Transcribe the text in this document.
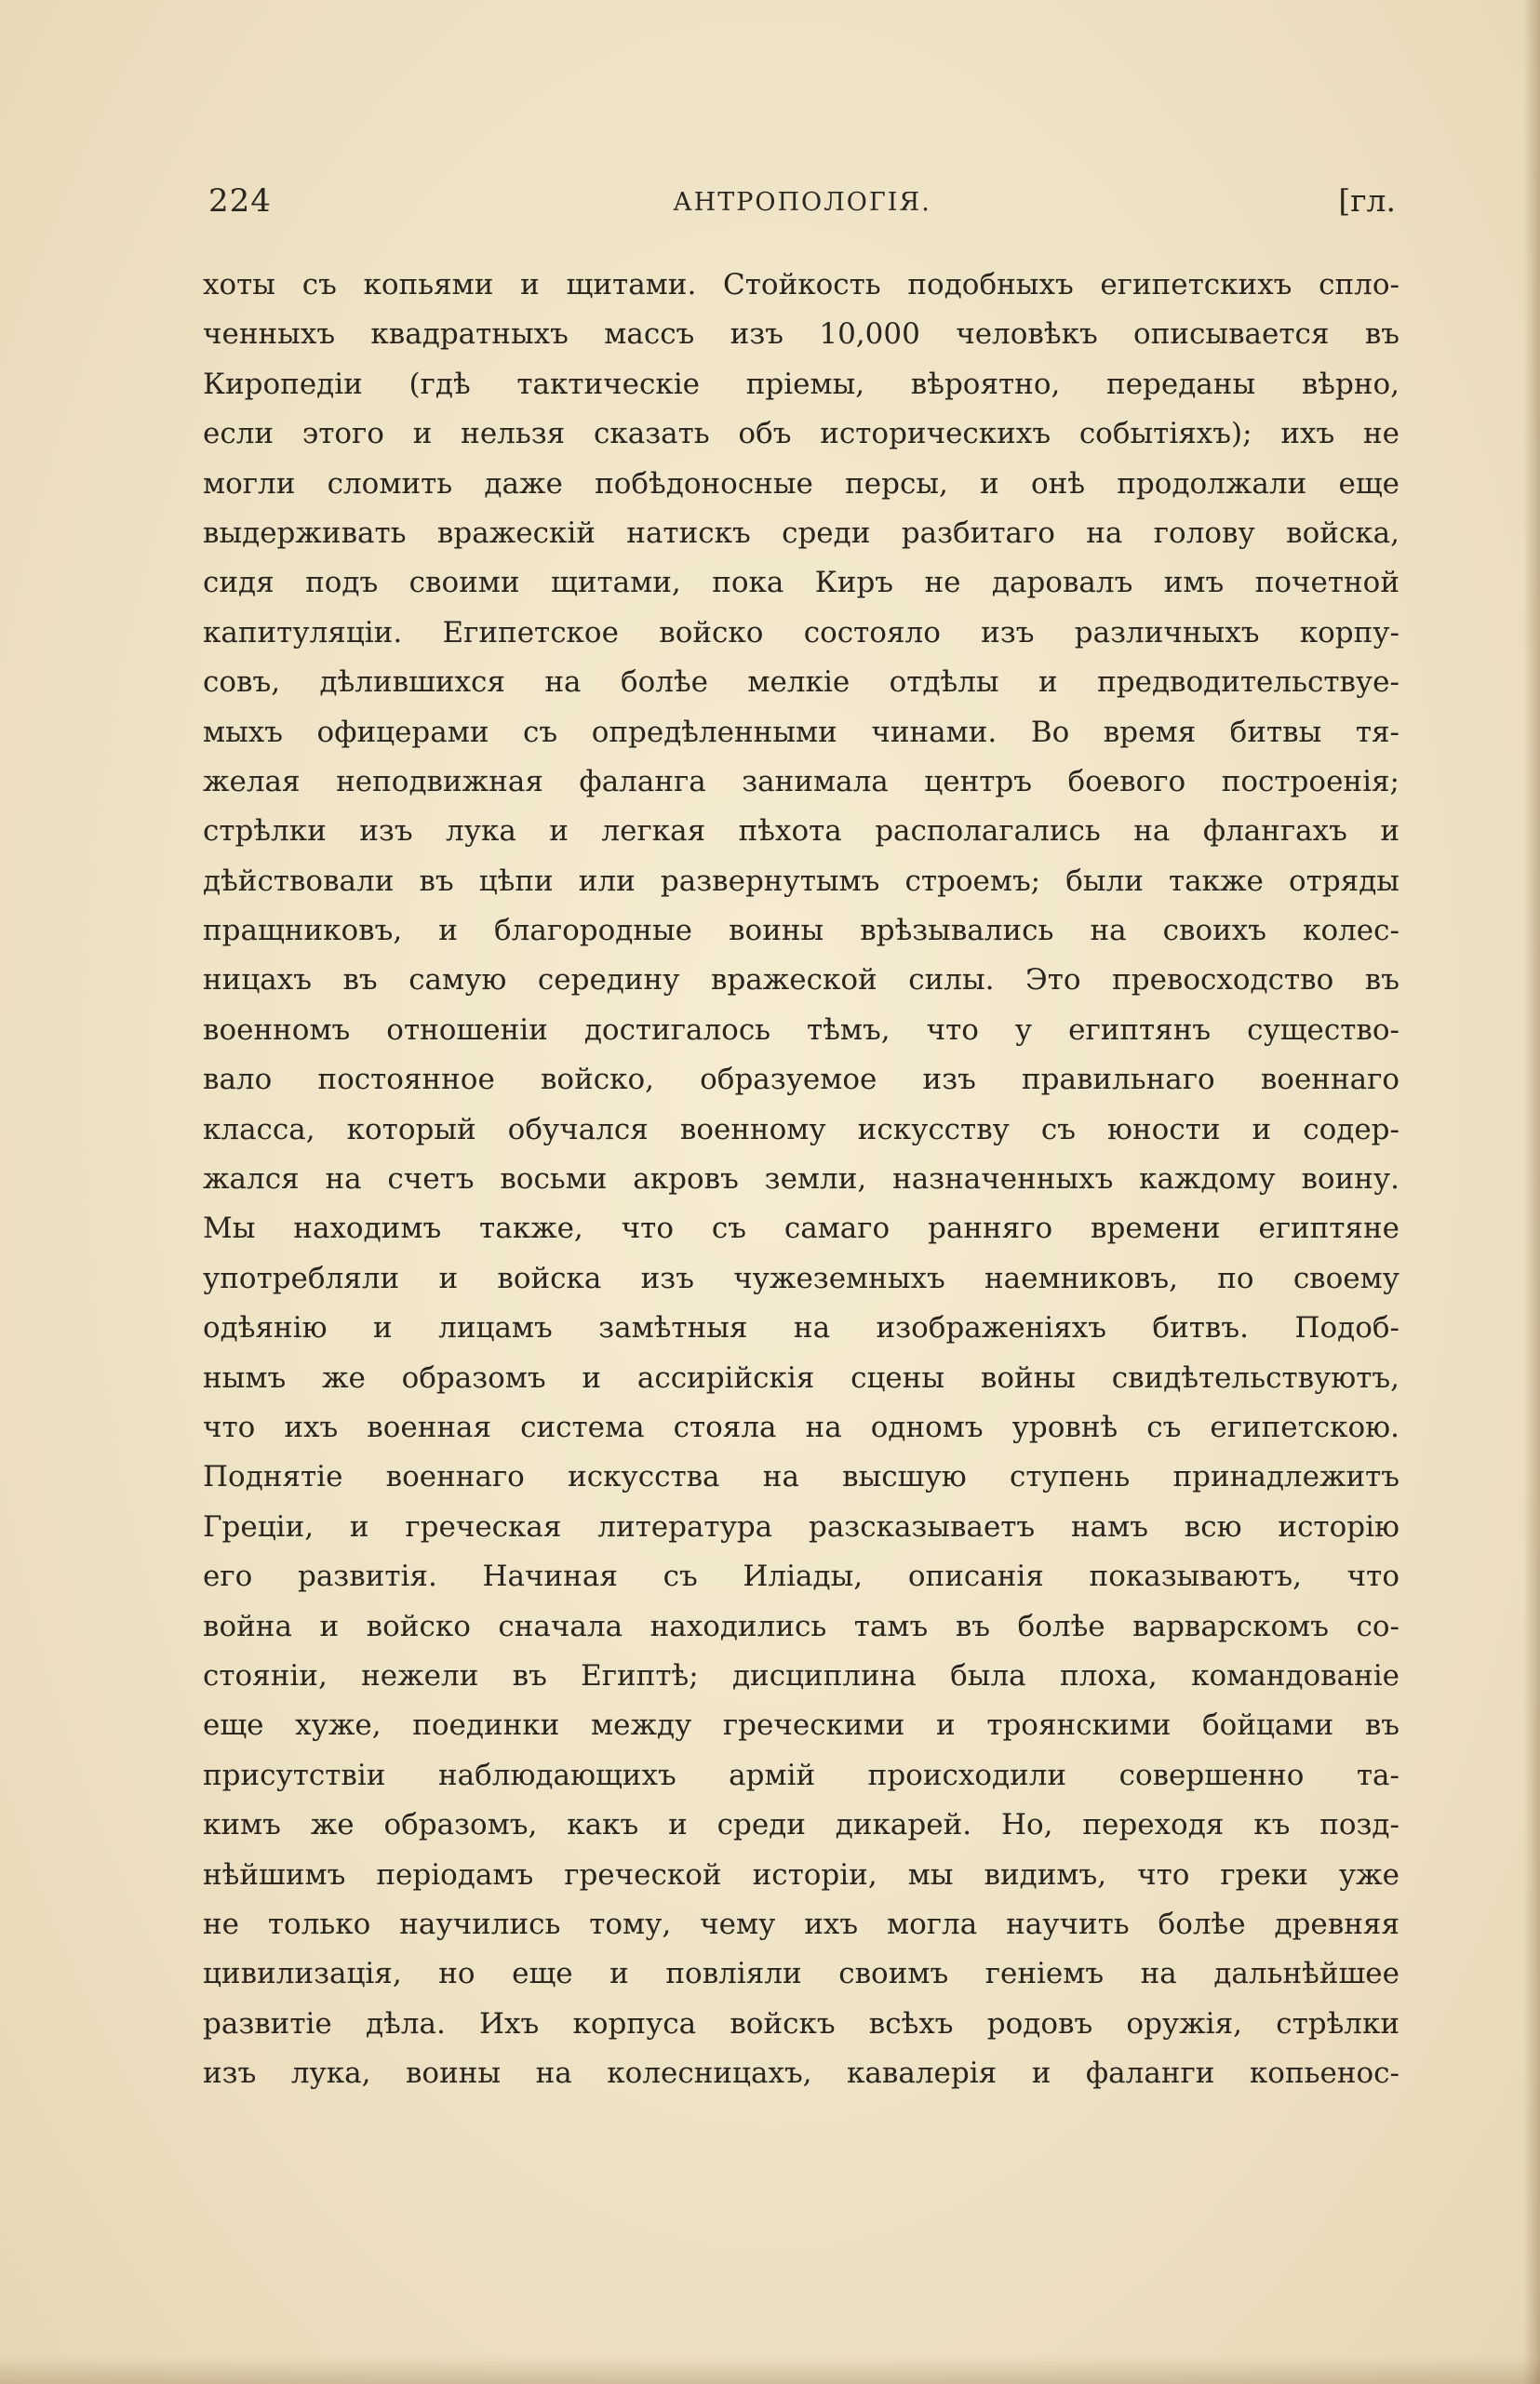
224	АНТРОПОЛОГІЯ.	[гл.
хоты съ копьями и щитами. Стойкость подобныхъ египетскихъ спло-
ченныхъ квадратныхъ массъ изъ 10,000 человѣкъ описывается въ
Киропедіи (гдѣ тактическіе пріемы, вѣроятно, переданы вѣрно,
если этого и нельзя сказать объ историческихъ событіяхъ); ихъ не
могли сломить даже побѣдоносные персы, и онѣ продолжали еще
выдерживать вражескій натискъ среди разбитаго на голову войска,
сидя подъ своими щитами, пока Киръ не даровалъ имъ почетной
капитуляціи. Египетское войско состояло изъ различныхъ корпу-
совъ, дѣлившихся на болѣе мелкіе отдѣлы и предводительствуе-
мыхъ офицерами съ опредѣленными чинами. Во время битвы тя-
желая неподвижная фаланга занимала центръ боевого построенія;
стрѣлки изъ лука и легкая пѣхота располагались на флангахъ и
дѣйствовали въ цѣпи или развернутымъ строемъ; были также отряды
пращниковъ, и благородные воины врѣзывались на своихъ колес-
ницахъ въ самую середину вражеской силы. Это превосходство въ
военномъ отношеніи достигалось тѣмъ, что у египтянъ существо-
вало постоянное войско, образуемое изъ правильнаго военнаго
класса, который обучался военному искусству съ юности и содер-
жался на счетъ восьми акровъ земли, назначенныхъ каждому воину.
Мы находимъ также, что съ самаго ранняго времени египтяне
употребляли и войска изъ чужеземныхъ наемниковъ, по своему
одѣянію и лицамъ замѣтныя на изображеніяхъ битвъ. Подоб-
нымъ же образомъ и ассирійскія сцены войны свидѣтельствуютъ,
что ихъ военная система стояла на одномъ уровнѣ съ египетскою.
Поднятіе военнаго искусства на высшую ступень принадлежитъ
Греціи, и греческая литература разсказываетъ намъ всю исторію
его развитія. Начиная съ Иліады, описанія показываютъ, что
война и войско сначала находились тамъ въ болѣе варварскомъ со-
стояніи, нежели въ Египтѣ; дисциплина была плоха, командованіе
еще хуже, поединки между греческими и троянскими бойцами въ
присутствіи наблюдающихъ армій происходили совершенно та-
кимъ же образомъ, какъ и среди дикарей. Но, переходя къ позд-
нѣйшимъ періодамъ греческой исторіи, мы видимъ, что греки уже
не только научились тому, чему ихъ могла научить болѣе древняя
цивилизація, но еще и повліяли своимъ геніемъ на дальнѣйшее
развитіе дѣла. Ихъ корпуса войскъ всѣхъ родовъ оружія, стрѣлки
изъ лука, воины на колесницахъ, кавалерія и фаланги копьенос-
